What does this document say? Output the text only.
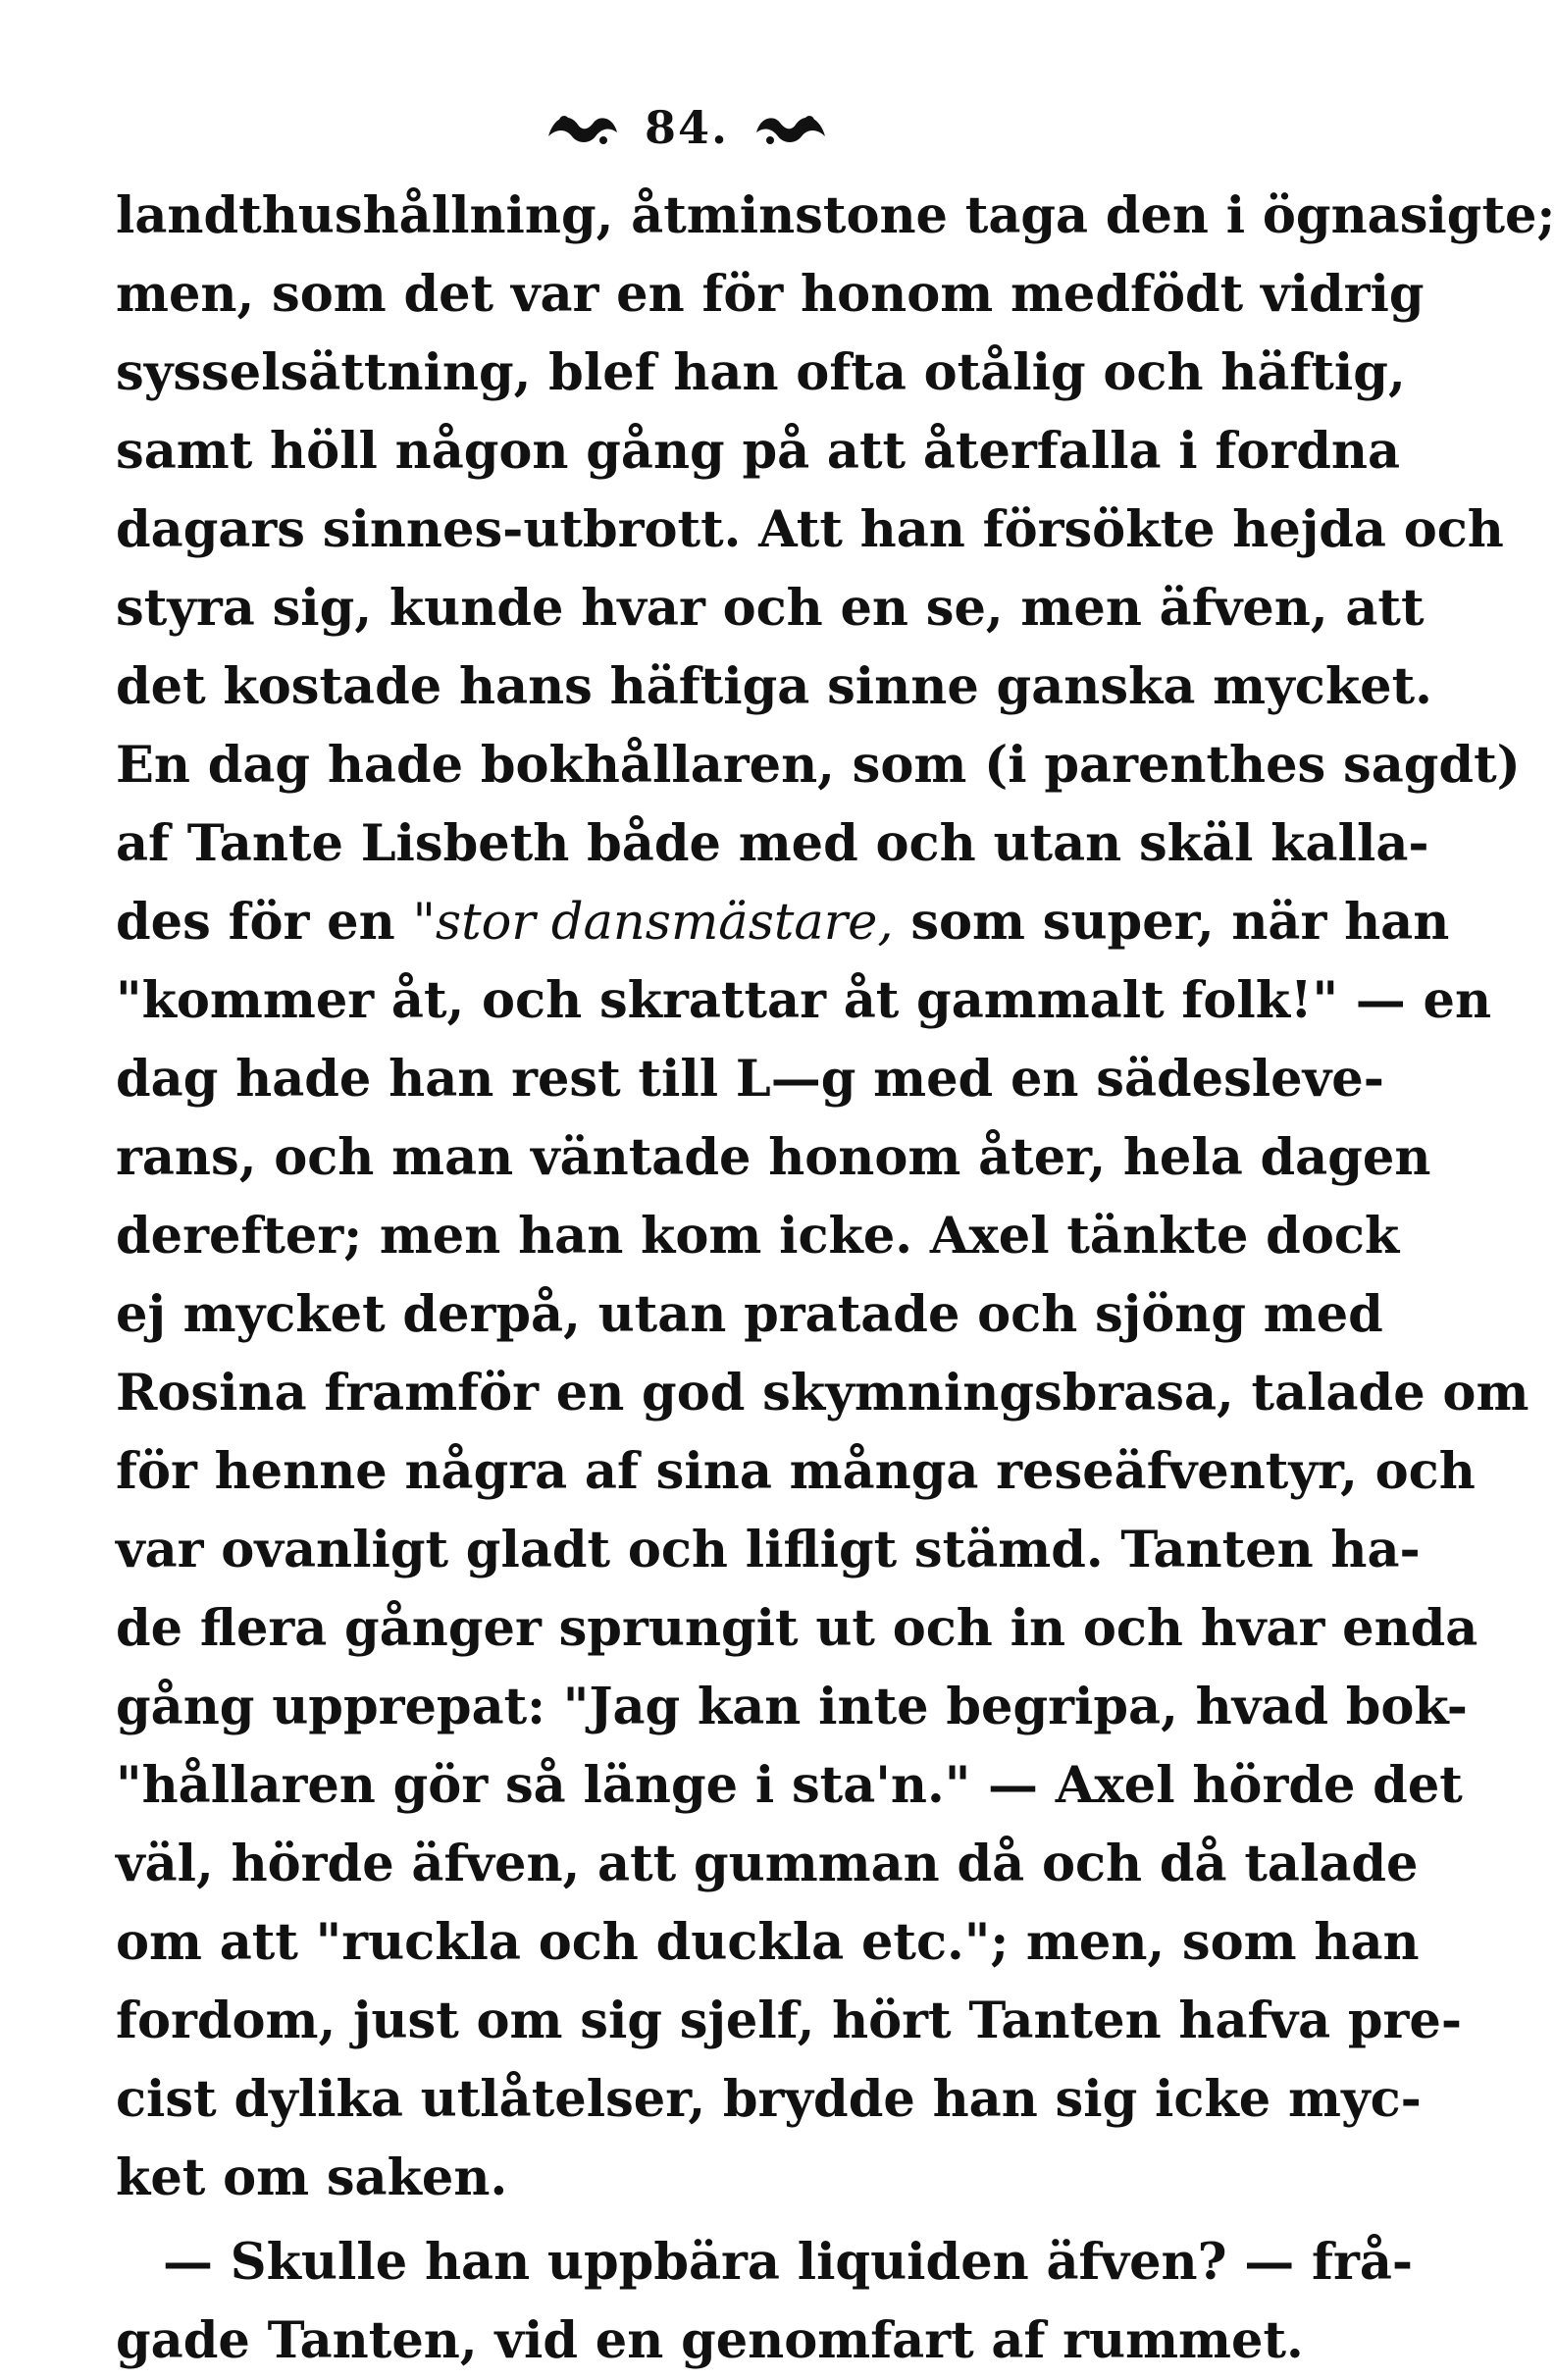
84.
landthushållning, åtminstone taga den i ögnasigte;
men, som det var en för honom medfödt vidrig
sysselsättning, blef han ofta otålig och häftig,
samt höll någon gång på att återfalla i fordna
dagars sinnes-utbrott. Att han försökte hejda och
styra sig, kunde hvar och en se, men äfven, att
det kostade hans häftiga sinne ganska mycket.
En dag hade bokhållaren, som (i parenthes sagdt)
af Tante Lisbeth både med och utan skäl kalla-
des för en "stor dansmästare, som super, när han
"kommer åt, och skrattar åt gammalt folk!" — en
dag hade han rest till L—g med en sädesleve-
rans, och man väntade honom åter, hela dagen
derefter; men han kom icke. Axel tänkte dock
ej mycket derpå, utan pratade och sjöng med
Rosina framför en god skymningsbrasa, talade om
för henne några af sina många reseäfventyr, och
var ovanligt gladt och lifligt stämd. Tanten ha-
de flera gånger sprungit ut och in och hvar enda
gång upprepat: "Jag kan inte begripa, hvad bok-
"hållaren gör så länge i sta'n." — Axel hörde det
väl, hörde äfven, att gumman då och då talade
om att "ruckla och duckla etc."; men, som han
fordom, just om sig sjelf, hört Tanten hafva pre-
cist dylika utlåtelser, brydde han sig icke myc-
ket om saken.
— Skulle han uppbära liquiden äfven? — frå-
gade Tanten, vid en genomfart af rummet.
